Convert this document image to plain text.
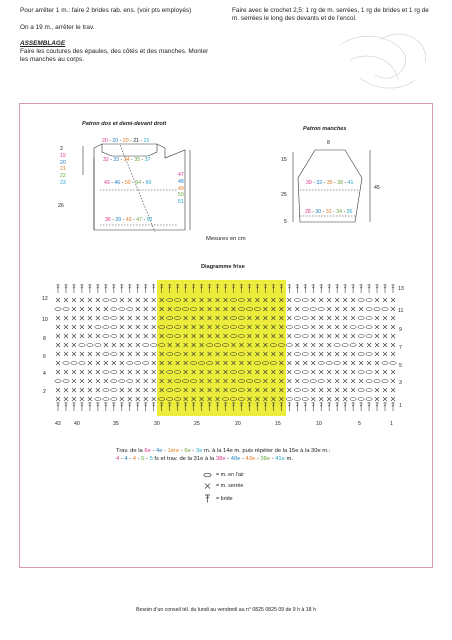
Pour arrêter 1 m.: faire 2 brides rab. ens. (voir pts employés)
On a 19 m., arrêter le trav.
ASSEMBLAGE
Faire les coutures des épaules, des côtés et des manches. Monter les manches au corps.
Faire avec le crochet 2,5: 1 rg de m. serrées, 1 rg de brides et 1 rg de m. serrées le long des devants et de l’encol.
Patron dos et demi-devant droit
20 - 20 - 20 - 21 - 21
32 - 33 - 34 - 35 - 37
43 - 46 - 50 - 54 - 60
36 - 39 - 43 - 47 - 53
2
19
20
21
22
23
26
47
48
49
50
51
Patron manches
8
30 - 32 - 35 - 38 - 41
28 - 30 - 32 - 34 - 36
15
25
5
45
Mesures en cm
Diagramme frise
12
10
8
6
4
2
13
11
9
7
5
3
1
43	40	35	30	25	20	15	10	5	1
Trav. de la 6e - 4e - 1ère - 6e - 3e m. à la 14e m. puis répéter de la 15e à la 30e m.:
4 - 4 - 4 - 5 - 5 fs et trav. de la 31e à la 38e - 40e - 43e - 38e - 41e m.
= m. en l’air
= m. serrée
= bride
Besoin d’un conseil tél. du lundi au vendredi au n° 0825 0825 09 de 9 h à 18 h
